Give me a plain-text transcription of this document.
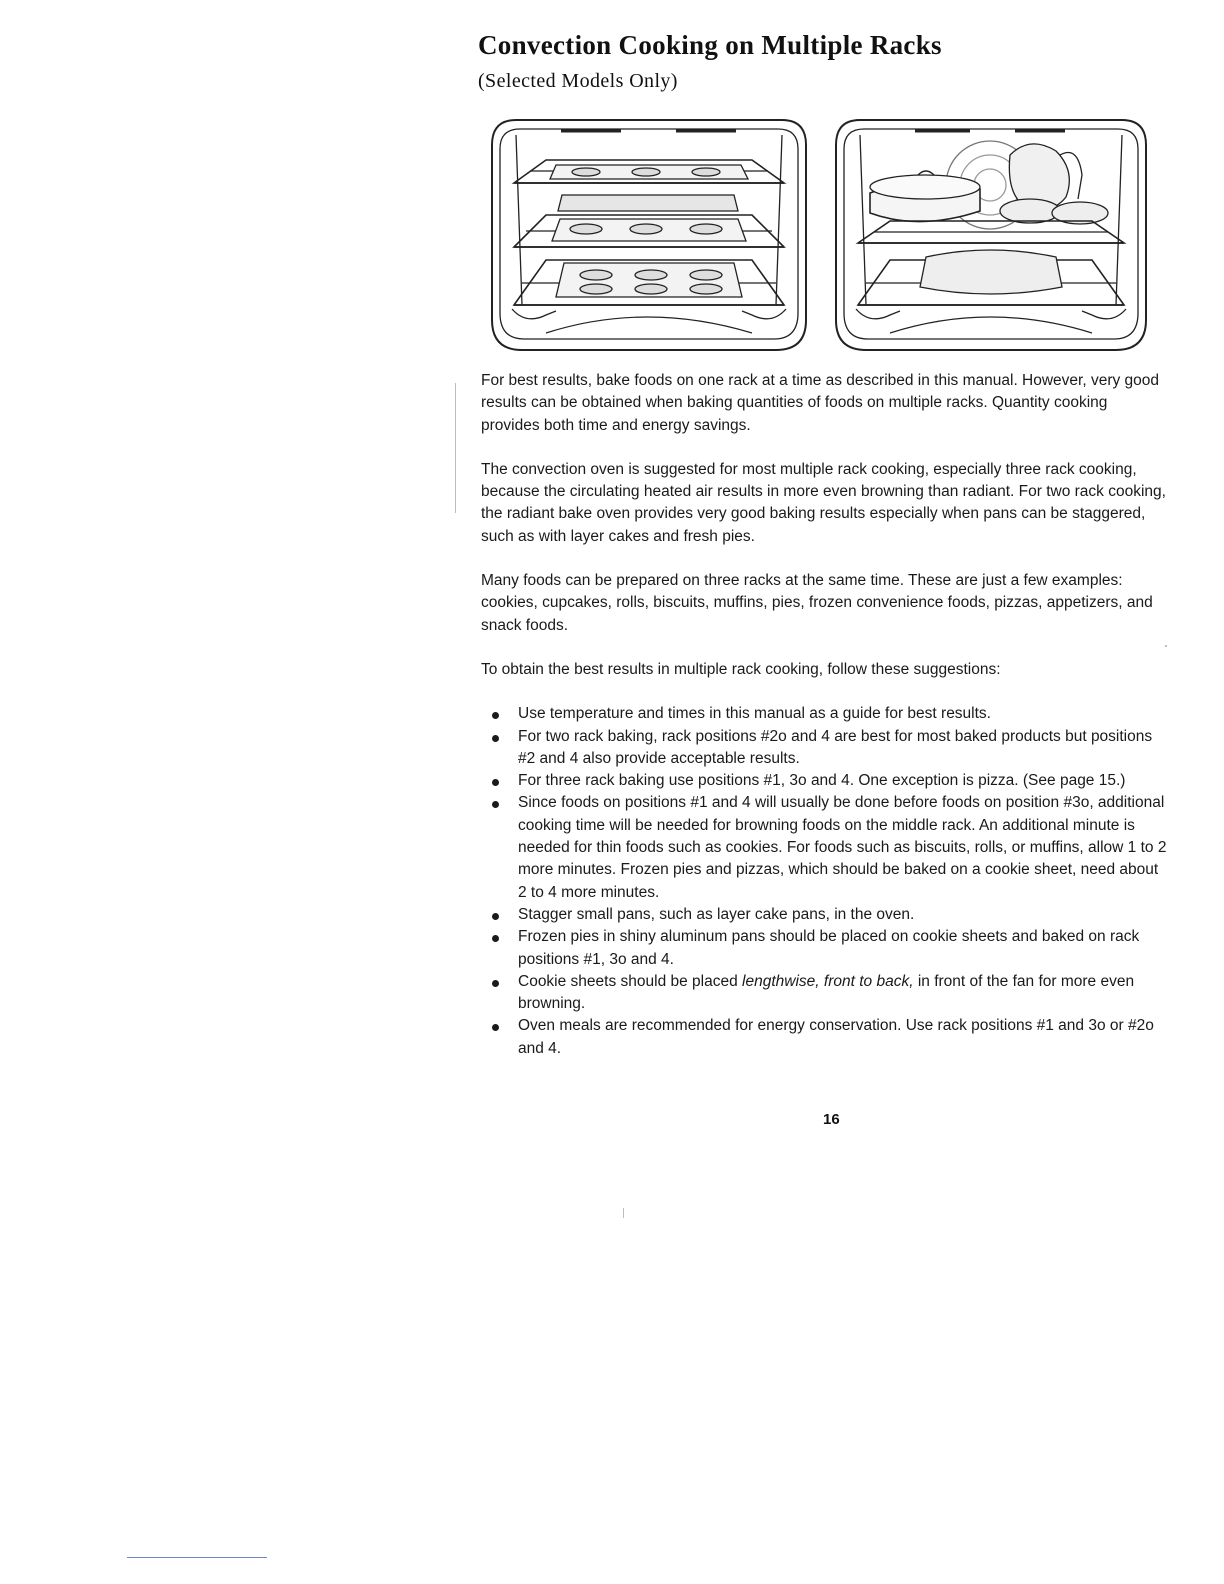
Convection Cooking on Multiple Racks
(Selected Models Only)

For best results, bake foods on one rack at a time as described in this manual. However, very good results can be obtained when baking quantities of foods on multiple racks. Quantity cooking provides both time and energy savings.

The convection oven is suggested for most multiple rack cooking, especially three rack cooking, because the circulating heated air results in more even browning than radiant. For two rack cooking, the radiant bake oven provides very good baking results especially when pans can be staggered, such as with layer cakes and fresh pies.

Many foods can be prepared on three racks at the same time. These are just a few examples: cookies, cupcakes, rolls, biscuits, muffins, pies, frozen convenience foods, pizzas, appetizers, and snack foods.

To obtain the best results in multiple rack cooking, follow these suggestions:

Use temperature and times in this manual as a guide for best results.
For two rack baking, rack positions #2o and 4 are best for most baked products but positions #2 and 4 also provide acceptable results.
For three rack baking use positions #1, 3o and 4. One exception is pizza. (See page 15.)
Since foods on positions #1 and 4 will usually be done before foods on position #3o, additional cooking time will be needed for browning foods on the middle rack. An additional minute is needed for thin foods such as cookies. For foods such as biscuits, rolls, or muffins, allow 1 to 2 more minutes. Frozen pies and pizzas, which should be baked on a cookie sheet, need about 2 to 4 more minutes.
Stagger small pans, such as layer cake pans, in the oven.
Frozen pies in shiny aluminum pans should be placed on cookie sheets and baked on rack positions #1, 3o and 4.
Cookie sheets should be placed lengthwise, front to back, in front of the fan for more even browning.
Oven meals are recommended for energy conservation. Use rack positions #1 and 3o or #2o and 4.
16
